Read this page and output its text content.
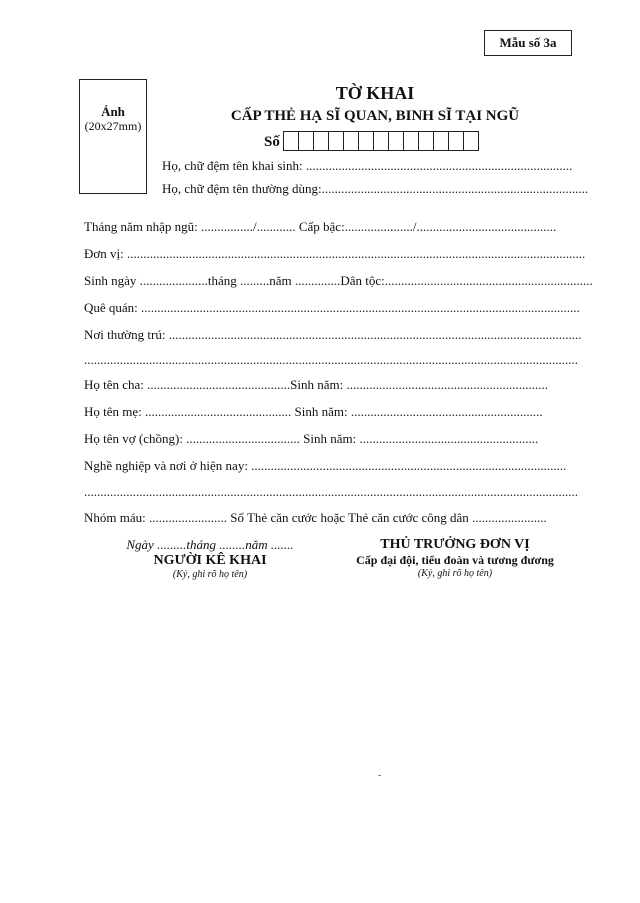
Mẫu số 3a
Ảnh
(20x27mm)
TỜ KHAI
CẤP THẺ HẠ SĨ QUAN, BINH SĨ TẠI NGŨ
Số
Họ, chữ đệm tên khai sinh: ..................................................................................
Họ, chữ đệm tên thường dùng:..................................................................................
Tháng năm nhập ngũ: ................/............ Cấp bậc:...................../...........................................
Đơn vị: .............................................................................................................................................
Sinh ngày .....................tháng .........năm ..............Dân tộc:................................................................
Quê quán: .......................................................................................................................................
Nơi thường trú: ...............................................................................................................................
........................................................................................................................................................
Họ tên cha: ............................................Sinh năm: ..............................................................
Họ tên mẹ: ............................................. Sinh năm: ...........................................................
Họ tên vợ (chồng): ................................... Sinh năm: .......................................................
Nghề nghiệp và nơi ở hiện nay: .................................................................................................
........................................................................................................................................................
Nhóm máu: ........................ Số Thẻ căn cước hoặc Thẻ căn cước công dân .......................
Ngày .........tháng ........năm .......
NGƯỜI KÊ KHAI
(Ký, ghi rõ họ tên)
THỦ TRƯỞNG ĐƠN VỊ
Cấp đại đội, tiểu đoàn và tương đương
(Ký, ghi rõ họ tên)
-
